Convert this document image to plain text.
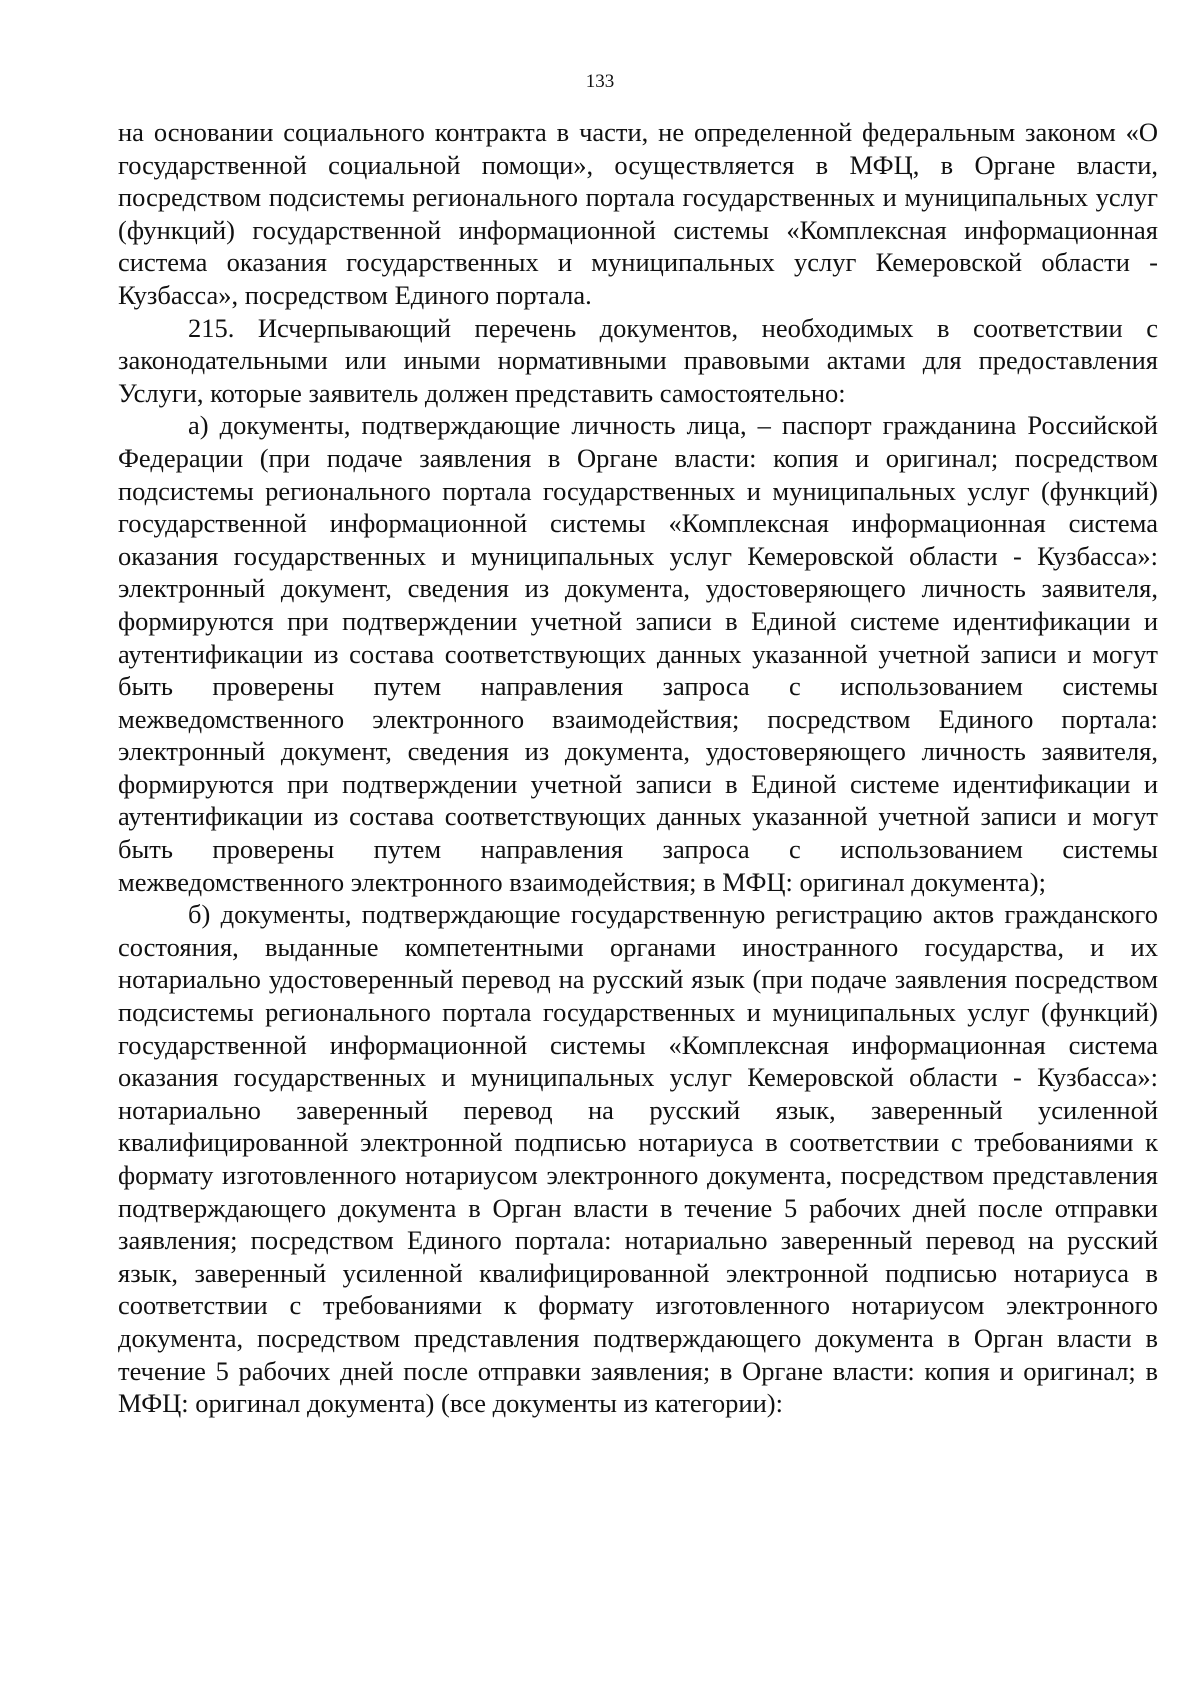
133

на основании социального контракта в части, не определенной федеральным законом «О государственной социальной помощи», осуществляется в МФЦ, в Органе власти, посредством подсистемы регионального портала государственных и муниципальных услуг (функций) государственной информационной системы «Комплексная информационная система оказания государственных и муниципальных услуг Кемеровской области - Кузбасса», посредством Единого портала.

215. Исчерпывающий перечень документов, необходимых в соответствии с законодательными или иными нормативными правовыми актами для предоставления Услуги, которые заявитель должен представить самостоятельно:

а) документы, подтверждающие личность лица, – паспорт гражданина Российской Федерации (при подаче заявления в Органе власти: копия и оригинал; посредством подсистемы регионального портала государственных и муниципальных услуг (функций) государственной информационной системы «Комплексная информационная система оказания государственных и муниципальных услуг Кемеровской области - Кузбасса»: электронный документ, сведения из документа, удостоверяющего личность заявителя, формируются при подтверждении учетной записи в Единой системе идентификации и аутентификации из состава соответствующих данных указанной учетной записи и могут быть проверены путем направления запроса с использованием системы межведомственного электронного взаимодействия; посредством Единого портала: электронный документ, сведения из документа, удостоверяющего личность заявителя, формируются при подтверждении учетной записи в Единой системе идентификации и аутентификации из состава соответствующих данных указанной учетной записи и могут быть проверены путем направления запроса с использованием системы межведомственного электронного взаимодействия; в МФЦ: оригинал документа);

б) документы, подтверждающие государственную регистрацию актов гражданского состояния, выданные компетентными органами иностранного государства, и их нотариально удостоверенный перевод на русский язык (при подаче заявления посредством подсистемы регионального портала государственных и муниципальных услуг (функций) государственной информационной системы «Комплексная информационная система оказания государственных и муниципальных услуг Кемеровской области - Кузбасса»: нотариально заверенный перевод на русский язык, заверенный усиленной квалифицированной электронной подписью нотариуса в соответствии с требованиями к формату изготовленного нотариусом электронного документа, посредством представления подтверждающего документа в Орган власти в течение 5 рабочих дней после отправки заявления; посредством Единого портала: нотариально заверенный перевод на русский язык, заверенный усиленной квалифицированной электронной подписью нотариуса в соответствии с требованиями к формату изготовленного нотариусом электронного документа, посредством представления подтверждающего документа в Орган власти в течение 5 рабочих дней после отправки заявления; в Органе власти: копия и оригинал; в МФЦ: оригинал документа) (все документы из категории):
